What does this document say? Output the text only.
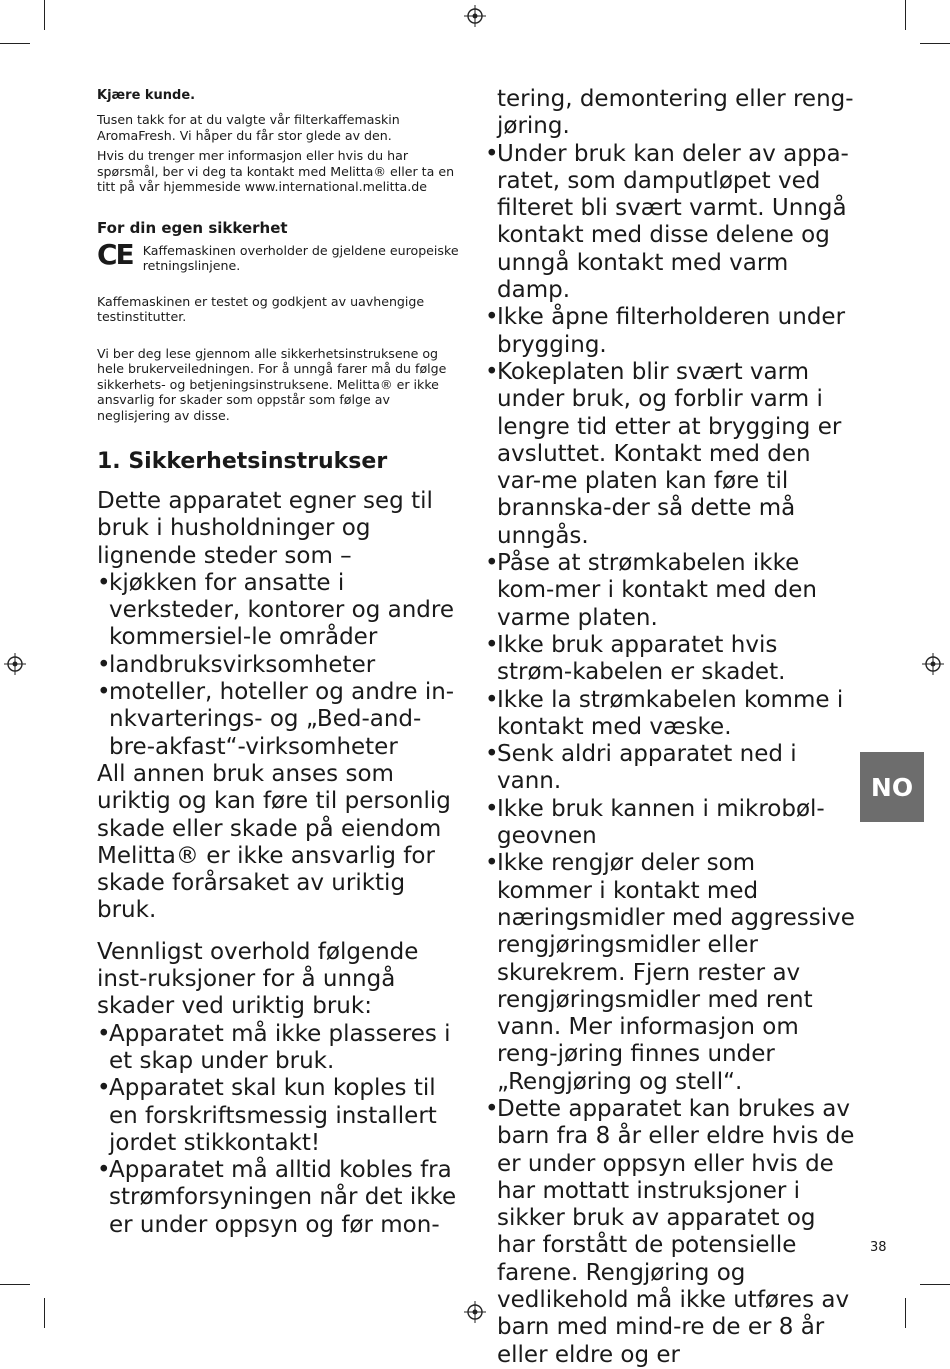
Kjære kunde.

Tusen takk for at du valgte vår filterkaffemaskin AromaFresh. Vi håper du får stor glede av den.

Hvis du trenger mer informasjon eller hvis du har spørsmål, ber vi deg ta kontakt med Melitta® eller ta en titt på vår hjemmeside www.international.melitta.de

For din egen sikkerhet
CE Kaffemaskinen overholder de gjeldene europeiske retningslinjene.

Kaffemaskinen er testet og godkjent av uavhengige testinstitutter.

Vi ber deg lese gjennom alle sikkerhetsinstruksene og hele brukerveiledningen. For å unngå farer må du følge sikkerhets- og betjeningsinstruksene. Melitta® er ikke ansvarlig for skader som oppstår som følge av neglisjering av disse.

1. Sikkerhetsinstrukser

Dette apparatet egner seg til bruk i husholdninger og lignende steder som –

• kjøkken for ansatte i verksteder, kontorer og andre kommersiel-le områder
• landbruksvirksomheter
• moteller, hoteller og andre in-nkvarterings- og „Bed-and-bre-akfast“-virksomheter

All annen bruk anses som uriktig og kan føre til personlig skade eller skade på eiendom Melitta® er ikke ansvarlig for skade forårsaket av uriktig bruk.

Vennligst overhold følgende inst-ruksjoner for å unngå skader ved uriktig bruk:

• Apparatet må ikke plasseres i et skap under bruk.
• Apparatet skal kun koples til en forskriftsmessig installert jordet stikkontakt!
• Apparatet må alltid kobles fra strømforsyningen når det ikke er under oppsyn og før mon-
tering, demontering eller reng-jøring.
• Under bruk kan deler av appa-ratet, som damputløpet ved filteret bli svært varmt. Unngå kontakt med disse delene og unngå kontakt med varm damp.
• Ikke åpne filterholderen under brygging.
• Kokeplaten blir svært varm under bruk, og forblir varm i lengre tid etter at brygging er avsluttet. Kontakt med den var-me platen kan føre til brannska-der så dette må unngås.
• Påse at strømkabelen ikke kom-mer i kontakt med den varme platen.
• Ikke bruk apparatet hvis strøm-kabelen er skadet.
• Ikke la strømkabelen komme i kontakt med væske.
• Senk aldri apparatet ned i vann.
• Ikke bruk kannen i mikrobøl-geovnen
• Ikke rengjør deler som kommer i kontakt med næringsmidler med aggressive rengjøringsmidler eller skurekrem. Fjern rester av rengjøringsmidler med rent vann. Mer informasjon om reng-jøring finnes under „Rengjøring og stell“.
• Dette apparatet kan brukes av barn fra 8 år eller eldre hvis de er under oppsyn eller hvis de har mottatt instruksjoner i sikker bruk av apparatet og har forstått de potensielle farene. Rengjøring og vedlikehold må ikke utføres av barn med mind-re de er 8 år eller eldre og er
NO
38
